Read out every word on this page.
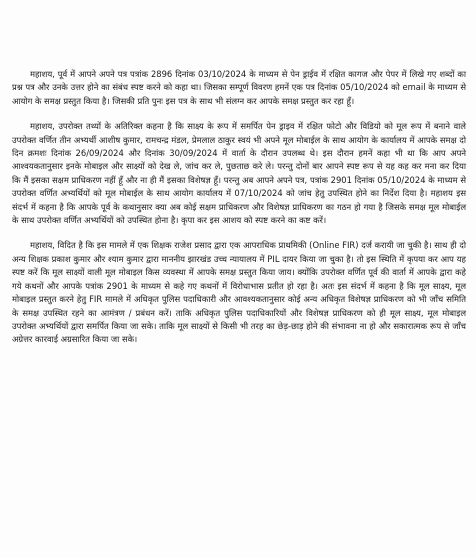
महाशय, पूर्व में आपने अपने पत्र पत्रांक 2896 दिनांक 03/10/2024 के माध्यम से पेन ड्राईव में रक्षित कागज और पेपर में लिखे गए शब्दों का प्रश्न पत्र और उनके उत्तर होने का संबंध स्पष्ट करने को कहा था। जिसका सम्पूर्ण विवरण हमनें एक पत्र दिनांक 05/10/2024 को email के माध्यम से आयोग के समक्ष प्रस्तुत किया है। जिसकी प्रति पुनः इस पत्र के साथ भी संलग्न कर आपके समक्ष प्रस्तुत कर रहा हूँ।

महाशय, उपरोक्त तथ्यों के अतिरिक्त कहना है कि साक्ष्य के रूप में समर्पित पेन ड्राइव में रक्षित फोटो और विडियो को मूल रूप में बनाने वाले उपरोक्त वर्णित तीन अभ्यर्थी आशीष कुमार, रामचन्द्र मंडल, प्रेमलाल ठाकुर स्वयं भी अपने मूल मोबाईल के साथ आयोग के कार्यालय में आपके समक्ष दो दिन क्रमशः दिनांक 26/09/2024 और दिनांक 30/09/2024 में वार्ता के दौरान उपलब्ध थे। इस दौरान हमनें कहा भी था कि आप अपने आश्वयकतानुसार इनके मोबाइल और साक्ष्यों को देख ले, जांच कर ले, पुछताछ करे ले। परन्तु दोनों बार आपने स्पष्ट रूप से यह कह कर मना कर दिया कि मैं इसका सक्षम प्राधिकरण नहीं हूँ और ना ही मैं इसका विशेषज्ञ हूँ। परन्तु अब आपने अपने पत्र, पत्रांक 2901 दिनांक 05/10/2024 के माध्यम से उपरोक्त वर्णित अभ्यर्थियों को मूल मोबाईल के साथ आयोग कार्यालय में 07/10/2024 को जांच हेतु उपस्थित होने का निर्देश दिया है। महाशय इस संदर्भ में कहना है कि आपके पूर्व के कथानुसार क्या अब कोई सक्षम प्राधिकरण और विशेषज्ञ प्राधिकरण का गठन हो गया है जिसके समक्ष मूल मोबाईल के साथ उपरोक्त वर्णित अभ्यर्थियों को उपस्थित होना है। कृपा कर इस आशय को स्पष्ट करने का कष्ट करें।

महाशय, विदित है कि इस मामले में एक शिक्षक राजेश प्रसाद द्वारा एक आपराधिक प्राथमिकी (Online FIR) दर्ज करायी जा चुकी है। साथ ही दो अन्य शिक्षक प्रकाश कुमार और श्याम कुमार द्वारा माननीय झारखंड उच्च न्यायालय में PIL दायर किया जा चुका है। तो इस स्थिति में कृपया कर आप यह स्पष्ट करें कि मूल साक्ष्यों वाली मूल मोबाइल किस व्यवस्था में आपके समक्ष प्रस्तुत किया जाय। क्योंकि उपरोक्त वर्णित पूर्व की वार्ता में आपके द्वारा कहे गये कथनों और आपके पत्रांक 2901 के माध्यम से कहे गए कथनों में विरोधाभास प्रतीत हो रहा है। अतः इस संदर्भ में कहना है कि मूल साक्ष्य, मूल मोबाइल प्रस्तुत करने हेतु FIR मामले में अधिकृत पुलिस पदाधिकारी और आवश्यकतानुसार कोई अन्य अधिकृत विशेषज्ञ प्राधिकरण को भी जाँच समिति के समक्ष उपस्थित रहने का आमंत्रण / प्रबंधन करें। ताकि अधिकृत पुलिस पदाधिकारियों और विशेषज्ञ प्राधिकरण को ही मूल साक्ष्य, मूल मोबाइल उपरोक्त अभ्यर्थियों द्वारा समर्पित किया जा सके। ताकि मूल साक्ष्यों से किसी भी तरह का छेड़-छाड़ होने की संभावना ना हो और सकारात्मक रूप से जाँच अग्रेत्तर कारवाई अग्रसारित किया जा सके।
